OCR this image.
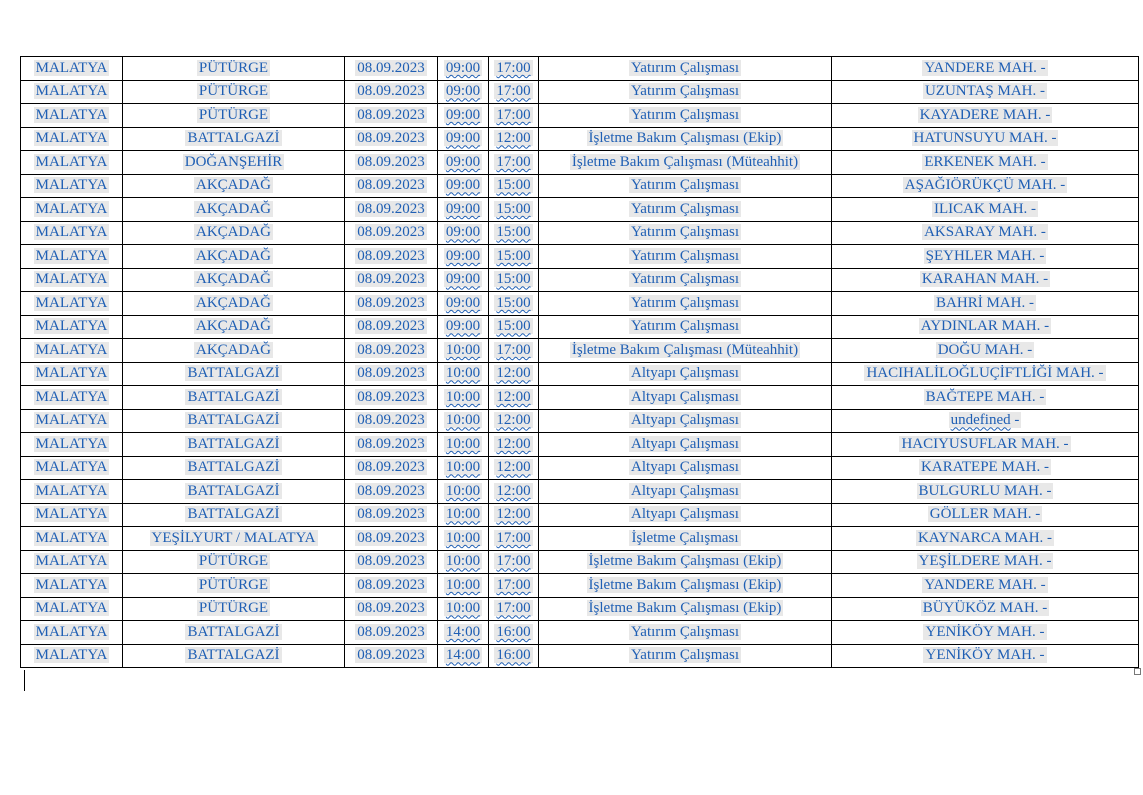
MALATYA	PÜTÜRGE	08.09.2023	09:00	17:00	Yatırım Çalışması	YANDERE MAH. -
MALATYA	PÜTÜRGE	08.09.2023	09:00	17:00	Yatırım Çalışması	UZUNTAŞ MAH. -
MALATYA	PÜTÜRGE	08.09.2023	09:00	17:00	Yatırım Çalışması	KAYADERE MAH. -
MALATYA	BATTALGAZİ	08.09.2023	09:00	12:00	İşletme Bakım Çalışması (Ekip)	HATUNSUYU MAH. -
MALATYA	DOĞANŞEHİR	08.09.2023	09:00	17:00	İşletme Bakım Çalışması (Müteahhit)	ERKENEK MAH. -
MALATYA	AKÇADAĞ	08.09.2023	09:00	15:00	Yatırım Çalışması	AŞAĞIÖRÜKÇÜ MAH. -
MALATYA	AKÇADAĞ	08.09.2023	09:00	15:00	Yatırım Çalışması	ILICAK MAH. -
MALATYA	AKÇADAĞ	08.09.2023	09:00	15:00	Yatırım Çalışması	AKSARAY MAH. -
MALATYA	AKÇADAĞ	08.09.2023	09:00	15:00	Yatırım Çalışması	ŞEYHLER MAH. -
MALATYA	AKÇADAĞ	08.09.2023	09:00	15:00	Yatırım Çalışması	KARAHAN MAH. -
MALATYA	AKÇADAĞ	08.09.2023	09:00	15:00	Yatırım Çalışması	BAHRİ MAH. -
MALATYA	AKÇADAĞ	08.09.2023	09:00	15:00	Yatırım Çalışması	AYDINLAR MAH. -
MALATYA	AKÇADAĞ	08.09.2023	10:00	17:00	İşletme Bakım Çalışması (Müteahhit)	DOĞU MAH. -
MALATYA	BATTALGAZİ	08.09.2023	10:00	12:00	Altyapı Çalışması	HACIHALİLOĞLUÇİFTLİĞİ MAH. -
MALATYA	BATTALGAZİ	08.09.2023	10:00	12:00	Altyapı Çalışması	BAĞTEPE MAH. -
MALATYA	BATTALGAZİ	08.09.2023	10:00	12:00	Altyapı Çalışması	undefined -
MALATYA	BATTALGAZİ	08.09.2023	10:00	12:00	Altyapı Çalışması	HACIYUSUFLAR MAH. -
MALATYA	BATTALGAZİ	08.09.2023	10:00	12:00	Altyapı Çalışması	KARATEPE MAH. -
MALATYA	BATTALGAZİ	08.09.2023	10:00	12:00	Altyapı Çalışması	BULGURLU MAH. -
MALATYA	BATTALGAZİ	08.09.2023	10:00	12:00	Altyapı Çalışması	GÖLLER MAH. -
MALATYA	YEŞİLYURT / MALATYA	08.09.2023	10:00	17:00	İşletme Çalışması	KAYNARCA MAH. -
MALATYA	PÜTÜRGE	08.09.2023	10:00	17:00	İşletme Bakım Çalışması (Ekip)	YEŞİLDERE MAH. -
MALATYA	PÜTÜRGE	08.09.2023	10:00	17:00	İşletme Bakım Çalışması (Ekip)	YANDERE MAH. -
MALATYA	PÜTÜRGE	08.09.2023	10:00	17:00	İşletme Bakım Çalışması (Ekip)	BÜYÜKÖZ MAH. -
MALATYA	BATTALGAZİ	08.09.2023	14:00	16:00	Yatırım Çalışması	YENİKÖY MAH. -
MALATYA	BATTALGAZİ	08.09.2023	14:00	16:00	Yatırım Çalışması	YENİKÖY MAH. -
